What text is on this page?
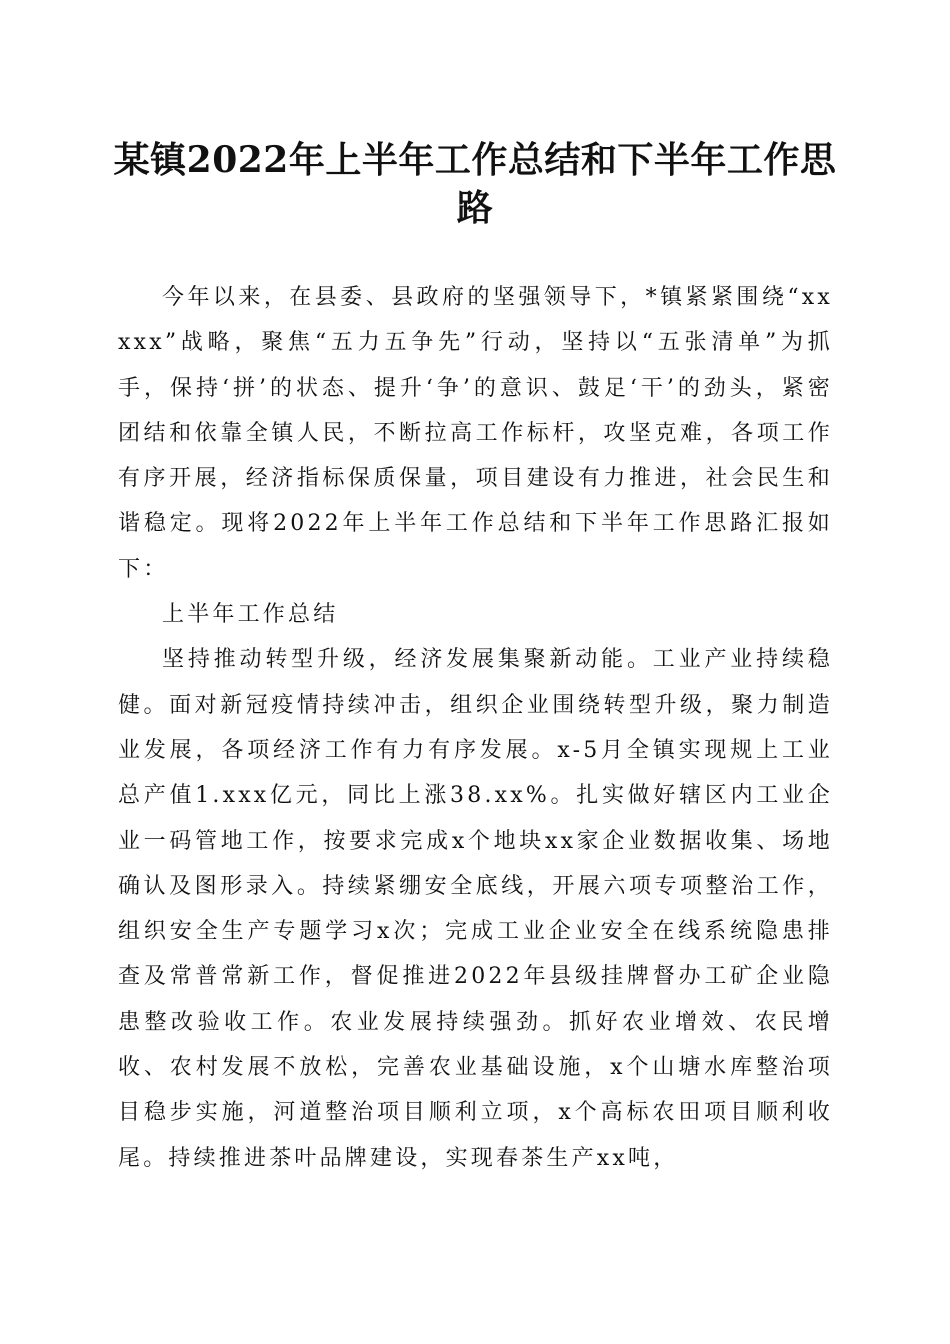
某镇2022年上半年工作总结和下半年工作思
路

今年以来，在县委、县政府的坚强领导下，*镇紧紧围绕“xxxxx”战略，聚焦“五力五争先”行动，坚持以“五张清单”为抓手，保持‘拼’的状态、提升‘争’的意识、鼓足‘干’的劲头，紧密团结和依靠全镇人民，不断拉高工作标杆，攻坚克难，各项工作有序开展，经济指标保质保量，项目建设有力推进，社会民生和谐稳定。现将2022年上半年工作总结和下半年工作思路汇报如下：

上半年工作总结

坚持推动转型升级，经济发展集聚新动能。工业产业持续稳健。面对新冠疫情持续冲击，组织企业围绕转型升级，聚力制造业发展，各项经济工作有力有序发展。x-5月全镇实现规上工业总产值1.xxx亿元，同比上涨38.xx%。扎实做好辖区内工业企业一码管地工作，按要求完成x个地块xx家企业数据收集、场地确认及图形录入。持续紧绷安全底线，开展六项专项整治工作，组织安全生产专题学习x次；完成工业企业安全在线系统隐患排查及常普常新工作，督促推进2022年县级挂牌督办工矿企业隐患整改验收工作。农业发展持续强劲。抓好农业增效、农民增收、农村发展不放松，完善农业基础设施，x个山塘水库整治项目稳步实施，河道整治项目顺利立项，x个高标农田项目顺利收尾。持续推进茶叶品牌建设，实现春茶生产xx吨，
